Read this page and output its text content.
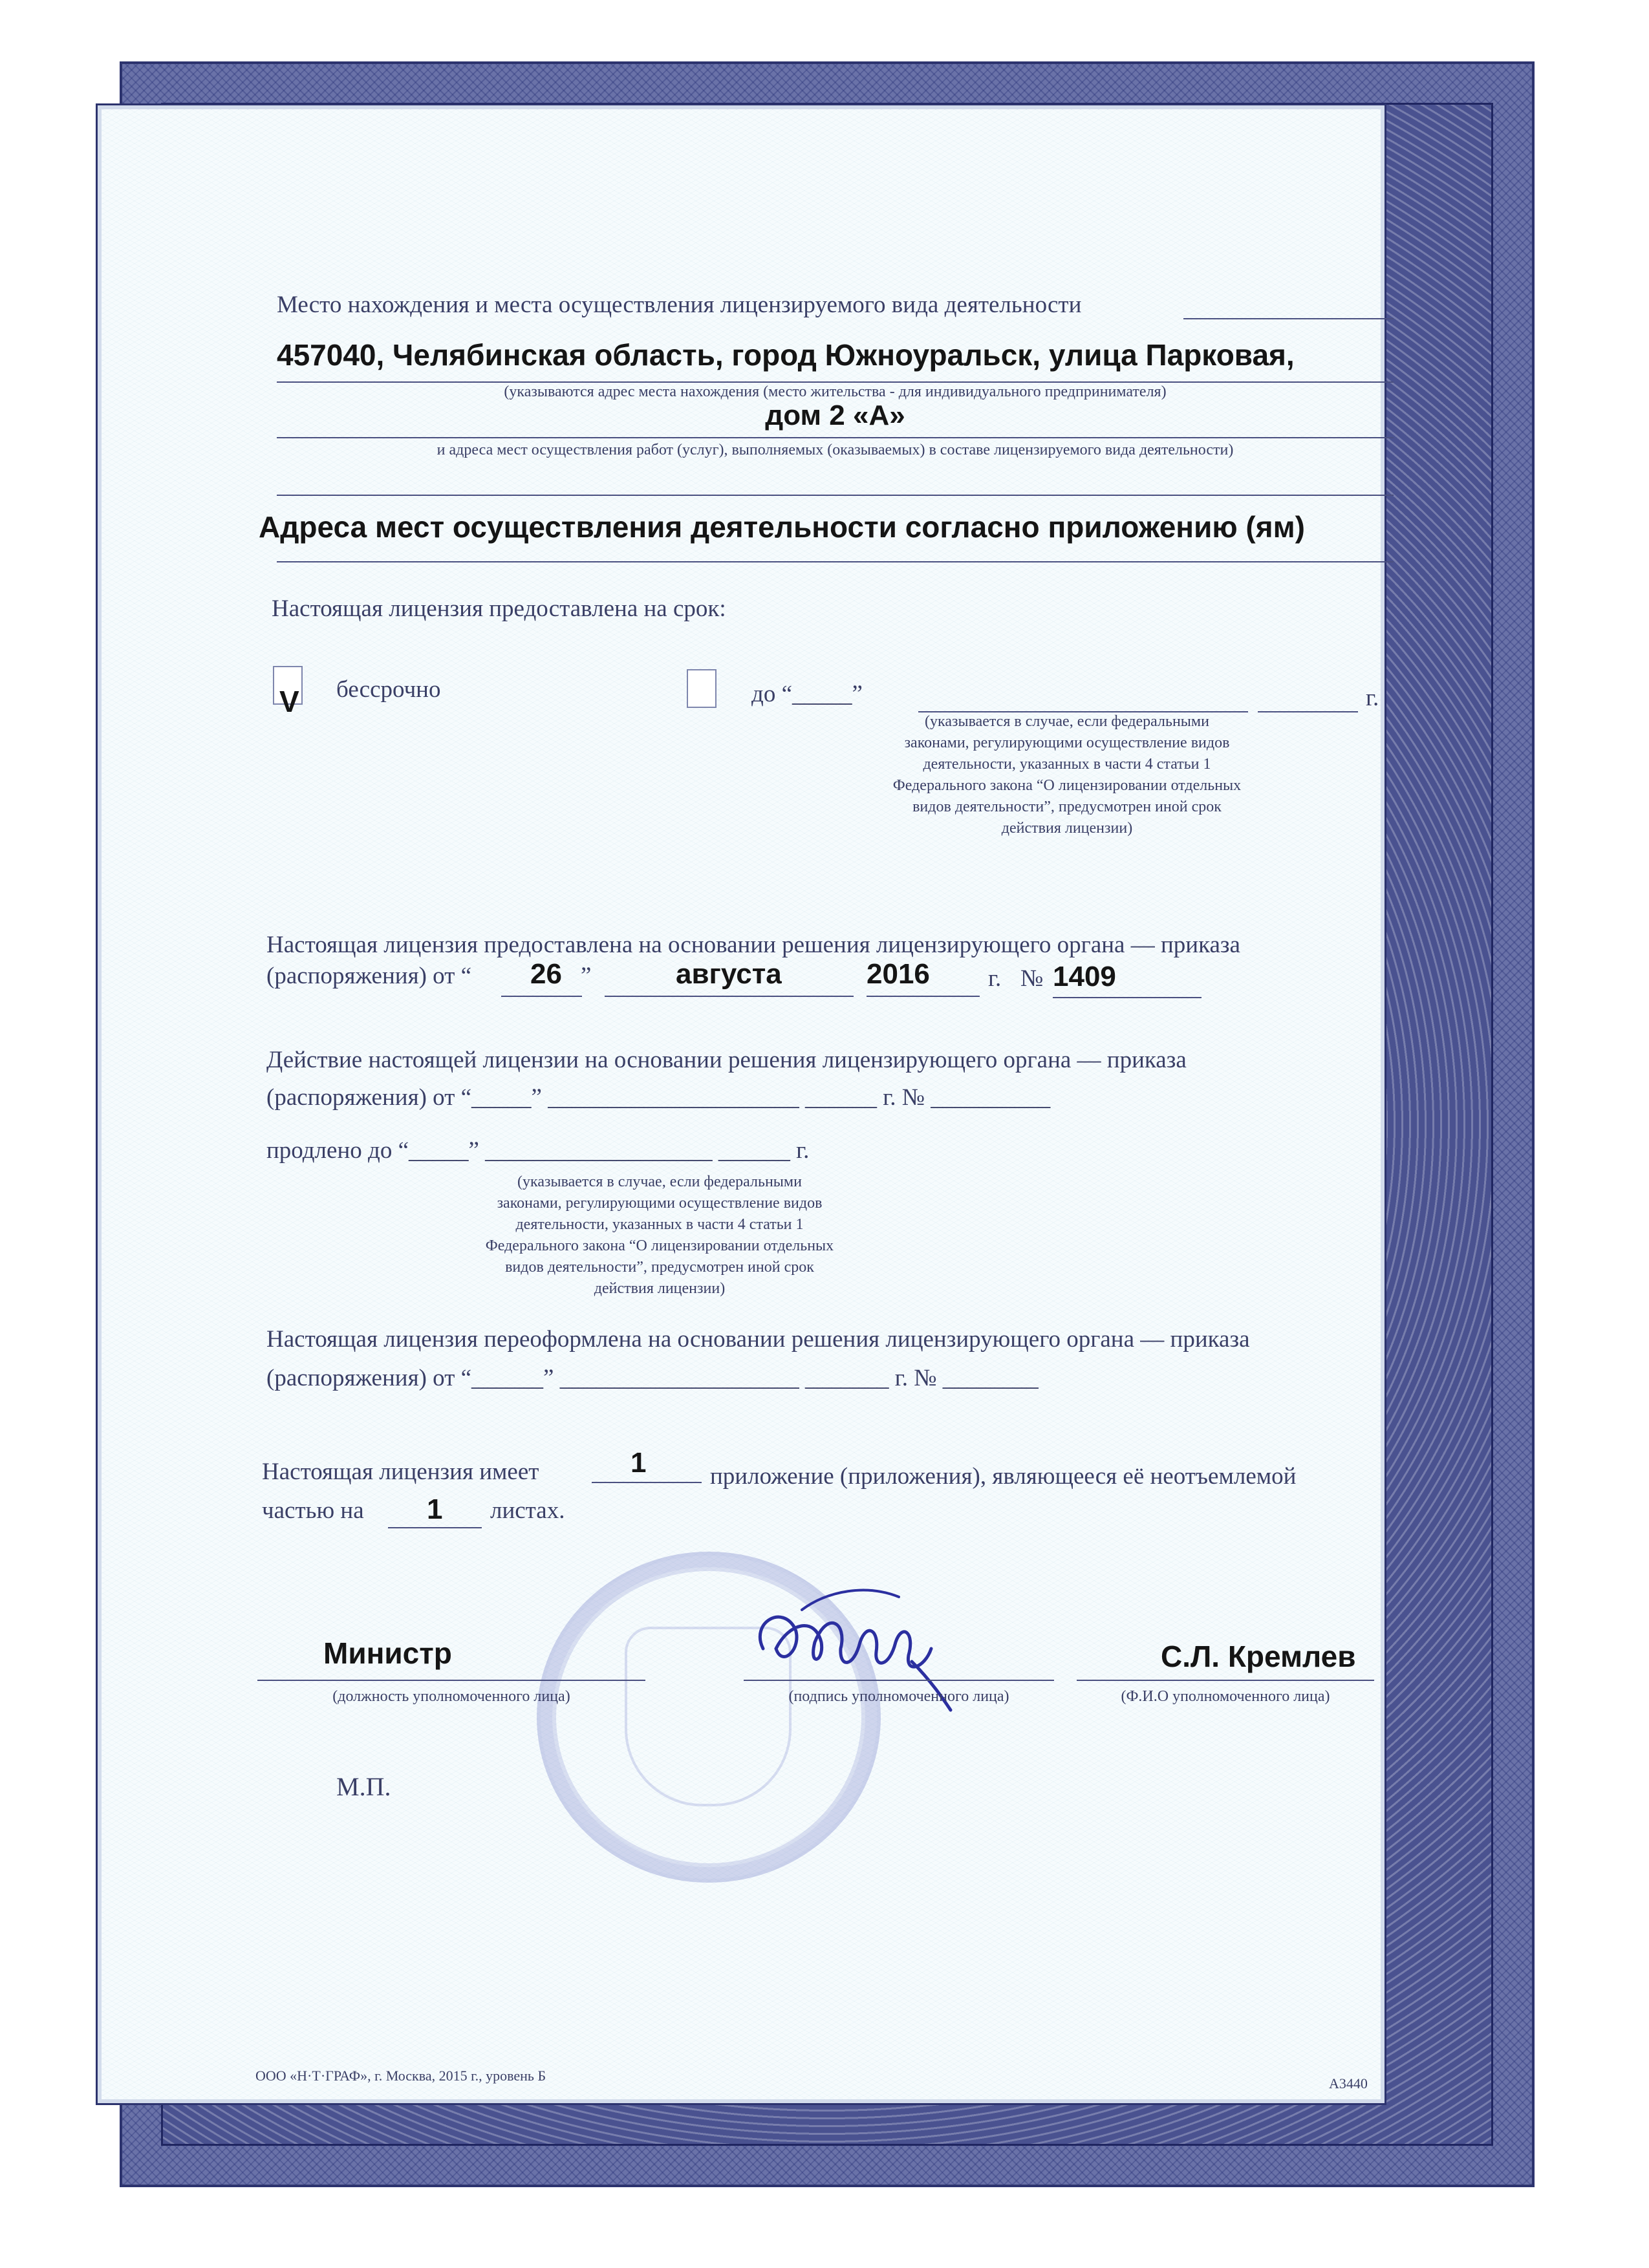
Место нахождения и места осуществления лицензируемого вида деятельности
457040, Челябинская область, город Южноуральск, улица Парковая,
(указываются адрес места нахождения (место жительства - для индивидуального предпринимателя)
дом 2 «А»
и адреса мест осуществления работ (услуг), выполняемых (оказываемых) в составе лицензируемого вида деятельности)
Адреса мест осуществления деятельности согласно приложению (ям)
Настоящая лицензия предоставлена на срок:
V бессрочно	до “_____”	г.
(указывается в случае, если федеральными
законами, регулирующими осуществление видов
деятельности, указанных в части 4 статьи 1
Федерального закона “О лицензировании отдельных
видов деятельности”, предусмотрен иной срок
действия лицензии)
Настоящая лицензия предоставлена на основании решения лицензирующего органа — приказа
(распоряжения) от “ 26 ”	августа	2016 г. № 1409
Действие настоящей лицензии на основании решения лицензирующего органа — приказа
(распоряжения) от “_____” _____________________ ______ г. № __________
продлено до “_____” ___________________ ______ г.
(указывается в случае, если федеральными
законами, регулирующими осуществление видов
деятельности, указанных в части 4 статьи 1
Федерального закона “О лицензировании отдельных
видов деятельности”, предусмотрен иной срок
действия лицензии)
Настоящая лицензия переоформлена на основании решения лицензирующего органа — приказа
(распоряжения) от “______” ____________________ _______ г. № ________
Настоящая лицензия имеет	1	приложение (приложения), являющееся её неотъемлемой
частью на 1 листах.
Министр
(должность уполномоченного лица)	(подпись уполномоченного лица)
С.Л. Кремлев
(Ф.И.О уполномоченного лица)
М.П.
ООО «Н·Т·ГРАФ», г. Москва, 2015 г., уровень Б	А3440
